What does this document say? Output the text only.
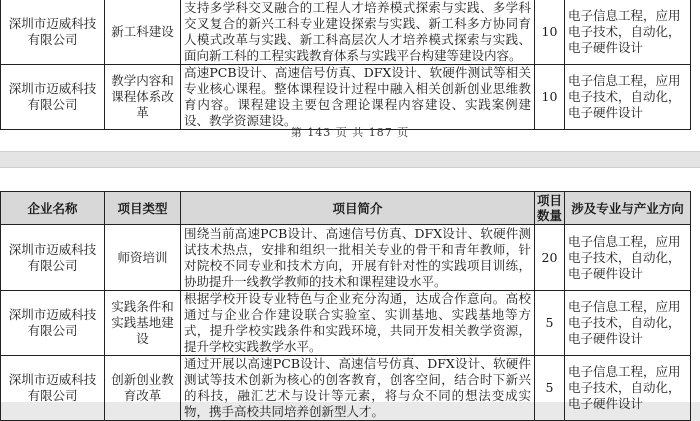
深圳市迈威科技有限公司	新工科建设	支持多学科交叉融合的工程人才培养模式探索与实践、多学科交叉复合的新兴工科专业建设探索与实践、新工科多方协同育人模式改革与实践、新工科高层次人才培养模式探索与实践、面向新工科的工程实践教育体系与实践平台构建等建设内容。	10	电子信息工程，应用电子技术，自动化，电子硬件设计
深圳市迈威科技有限公司	教学内容和课程体系改革	高速PCB设计、高速信号仿真、DFX设计、软硬件测试等相关专业核心课程。整体课程设计过程中融入相关创新创业思维教育内容。课程建设主要包含理论课程内容建设、实践案例建设、教学资源建设。	10	电子信息工程，应用电子技术，自动化，电子硬件设计
第 143 页 共 187 页
企业名称	项目类型	项目简介	项目数量	涉及专业与产业方向
深圳市迈威科技有限公司	师资培训	围绕当前高速PCB设计、高速信号仿真、DFX设计、软硬件测试技术热点，安排和组织一批相关专业的骨干和青年教师，针对院校不同专业和技术方向，开展有针对性的实践项目训练，协助提升一线教学教师的技术和课程建设水平。	20	电子信息工程，应用电子技术，自动化，电子硬件设计
深圳市迈威科技有限公司	实践条件和实践基地建设	根据学校开设专业特色与企业充分沟通，达成合作意向。高校通过与企业合作建设联合实验室、实训基地、实践基地等方式，提升学校实践条件和实践环境，共同开发相关教学资源，提升学校实践教学水平。	5	电子信息工程，应用电子技术，自动化，电子硬件设计
深圳市迈威科技有限公司	创新创业教育改革	通过开展以高速PCB设计、高速信号仿真、DFX设计、软硬件测试等技术创新为核心的创客教育，创客空间，结合时下新兴的科技，融汇艺术与设计等元素，将与众不同的想法变成实物，携手高校共同培养创新型人才。	5	电子信息工程，应用电子技术，自动化，电子硬件设计
